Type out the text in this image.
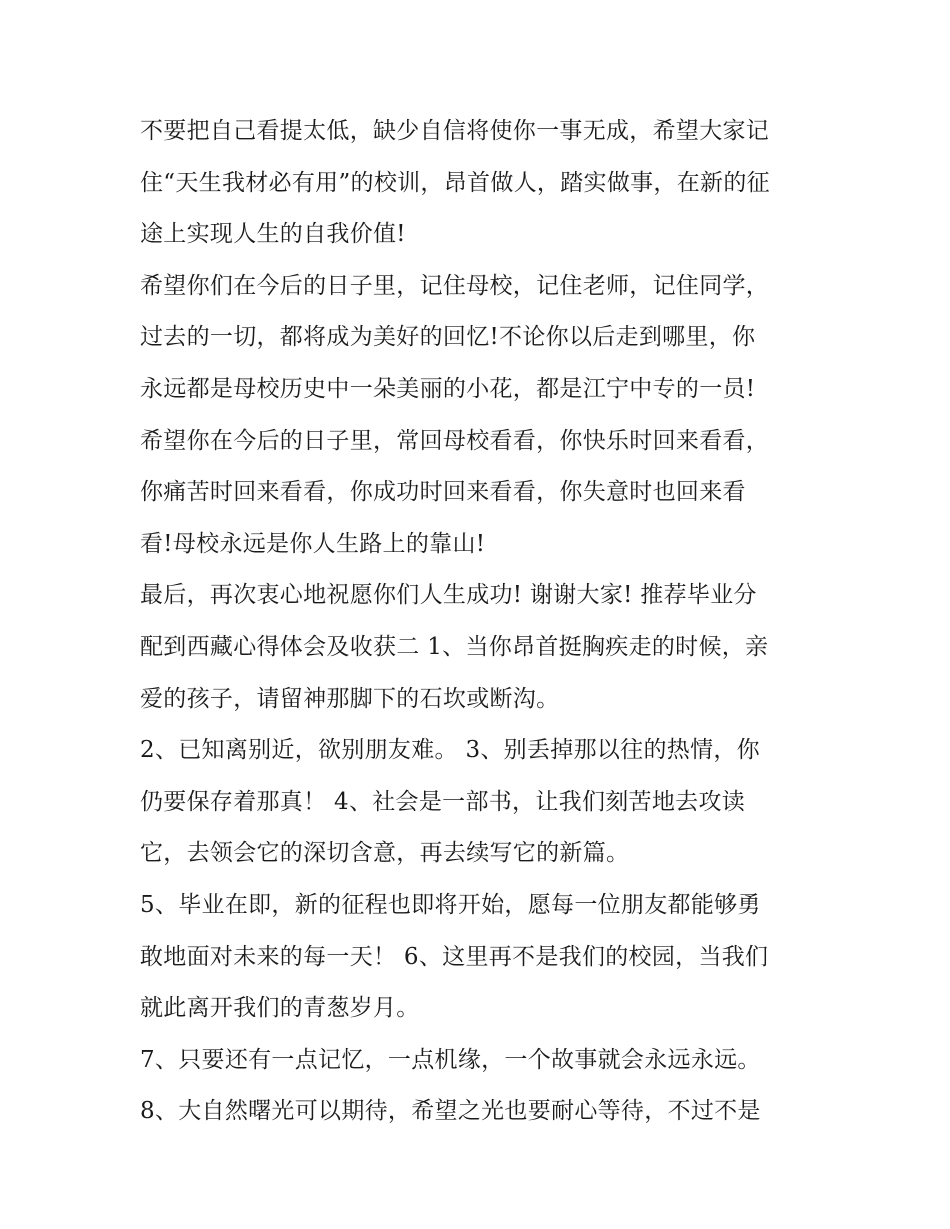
不要把自己看提太低，缺少自信将使你一事无成，希望大家记
住“天生我材必有用”的校训，昂首做人，踏实做事，在新的征
途上实现人生的自我价值!
希望你们在今后的日子里，记住母校，记住老师，记住同学，
过去的一切，都将成为美好的回忆!不论你以后走到哪里，你
永远都是母校历史中一朵美丽的小花，都是江宁中专的一员!
希望你在今后的日子里，常回母校看看，你快乐时回来看看，
你痛苦时回来看看，你成功时回来看看，你失意时也回来看
看!母校永远是你人生路上的靠山!
最后，再次衷心地祝愿你们人生成功! 谢谢大家! 推荐毕业分
配到西藏心得体会及收获二 1、当你昂首挺胸疾走的时候，亲
爱的孩子，请留神那脚下的石坎或断沟。
2、已知离别近，欲别朋友难。 3、别丢掉那以往的热情，你
仍要保存着那真！ 4、社会是一部书，让我们刻苦地去攻读
它，去领会它的深切含意，再去续写它的新篇。
5、毕业在即，新的征程也即将开始，愿每一位朋友都能够勇
敢地面对未来的每一天！ 6、这里再不是我们的校园，当我们
就此离开我们的青葱岁月。
7、只要还有一点记忆，一点机缘，一个故事就会永远永远。
8、大自然曙光可以期待，希望之光也要耐心等待，不过不是
